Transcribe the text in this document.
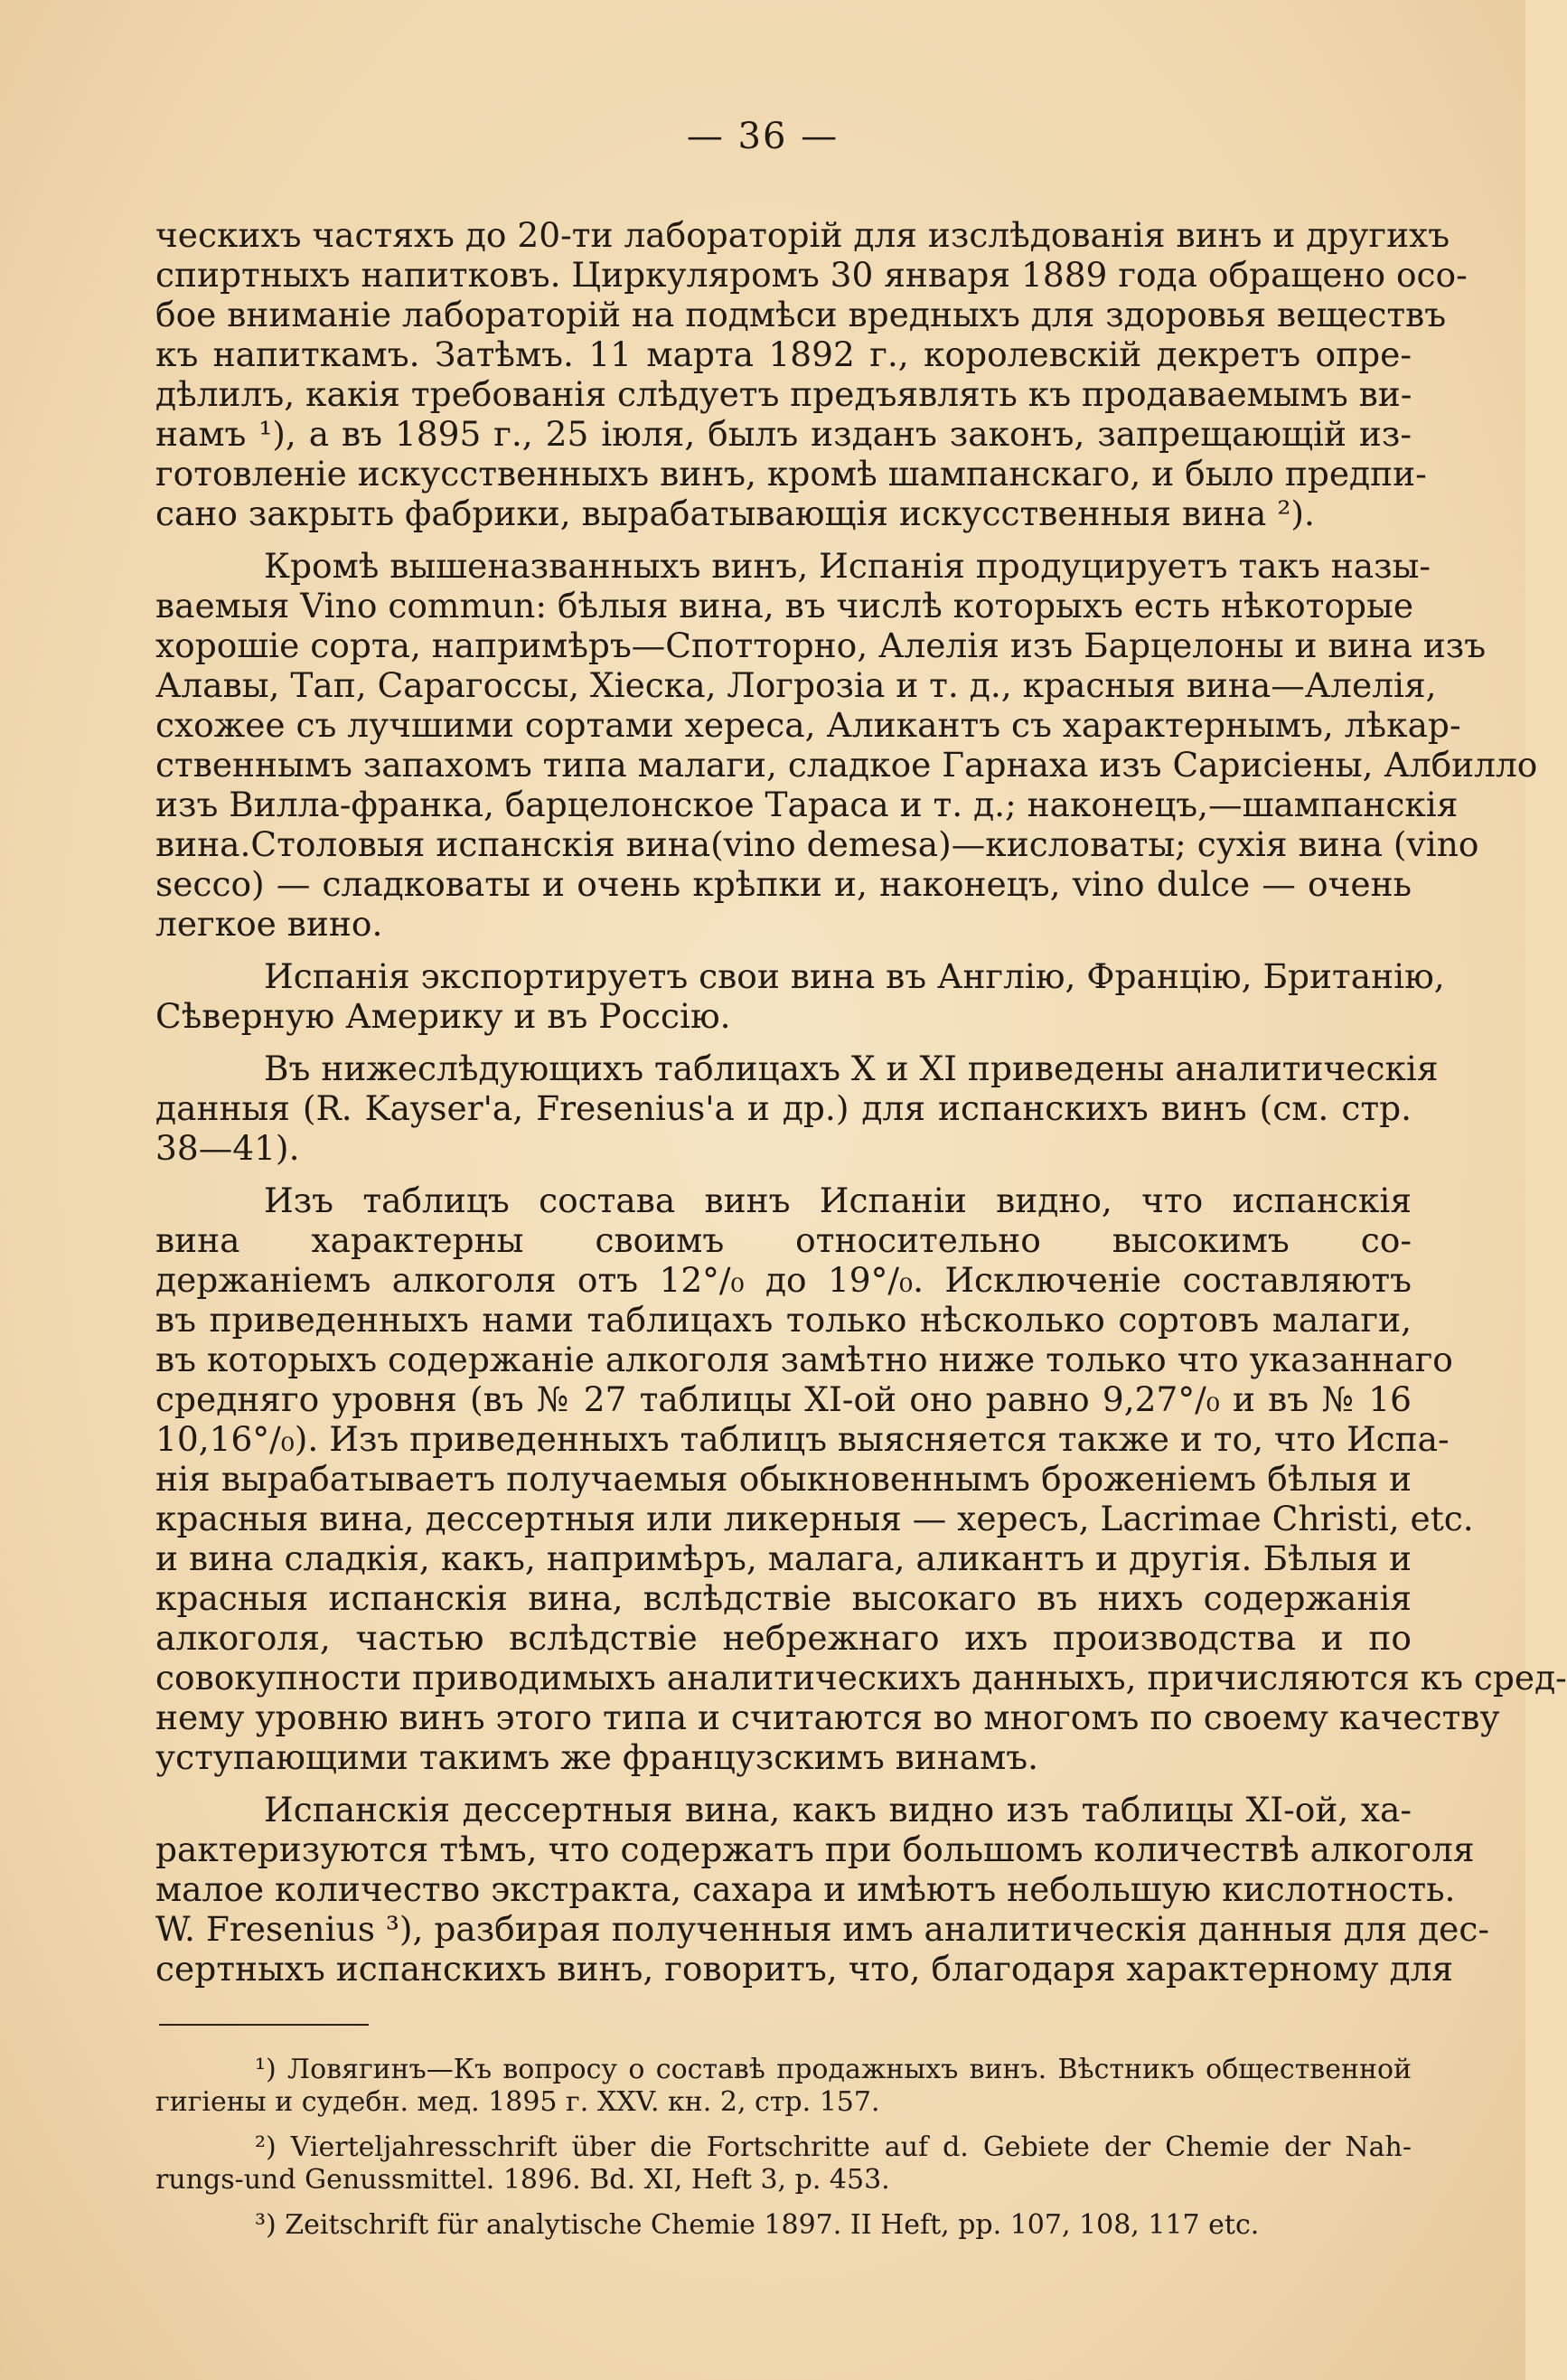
— 36 —
ческихъ частяхъ до 20-ти лабораторій для изслѣдованія винъ и другихъ
спиртныхъ напитковъ. Циркуляромъ 30 января 1889 года обращено осо-
бое вниманіе лабораторій на подмѣси вредныхъ для здоровья веществъ
къ напиткамъ. Затѣмъ. 11 марта 1892 г., королевскій декретъ опре-
дѣлилъ, какія требованія слѣдуетъ предъявлять къ продаваемымъ ви-
намъ ¹), а въ 1895 г., 25 іюля, былъ изданъ законъ, запрещающій из-
готовленіе искусственныхъ винъ, кромѣ шампанскаго, и было предпи-
сано закрыть фабрики, вырабатывающія искусственныя вина ²).
Кромѣ вышеназванныхъ винъ, Испанія продуцируетъ такъ назы-
ваемыя Vino commun: бѣлыя вина, въ числѣ которыхъ есть нѣкоторые
хорошіе сорта, напримѣръ—Спотторно, Алелія изъ Барцелоны и вина изъ
Алавы, Тап, Сарагоссы, Хіеска, Логрозіа и т. д., красныя вина—Алелія,
схожее съ лучшими сортами хереса, Аликантъ съ характернымъ, лѣкар-
ственнымъ запахомъ типа малаги, сладкое Гарнаха изъ Сарисіены, Албилло
изъ Вилла-франка, барцелонское Тараса и т. д.; наконецъ,—шампанскія
вина.Столовыя испанскія вина(vino demesa)—кисловаты; сухія вина (vino
secco) — сладковаты и очень крѣпки и, наконецъ, vino dulce — очень
легкое вино.
Испанія экспортируетъ свои вина въ Англію, Францію, Британію,
Сѣверную Америку и въ Россію.
Въ нижеслѣдующихъ таблицахъ X и XI приведены аналитическія
данныя (R. Kayser'а, Fresenius'а и др.) для испанскихъ винъ (см. стр.
38—41).
Изъ таблицъ состава винъ Испаніи видно, что испанскія
вина характерны своимъ относительно высокимъ со-
держаніемъ алкоголя отъ 12°/₀ до 19°/₀. Исключеніе составляютъ
въ приведенныхъ нами таблицахъ только нѣсколько сортовъ малаги,
въ которыхъ содержаніе алкоголя замѣтно ниже только что указаннаго
средняго уровня (въ № 27 таблицы XI-ой оно равно 9,27°/₀ и въ № 16
10,16°/₀). Изъ приведенныхъ таблицъ выясняется также и то, что Испа-
нія вырабатываетъ получаемыя обыкновеннымъ броженіемъ бѣлыя и
красныя вина, дессертныя или ликерныя — хересъ, Lacrimae Christi, etc.
и вина сладкія, какъ, напримѣръ, малага, аликантъ и другія. Бѣлыя и
красныя испанскія вина, вслѣдствіе высокаго въ нихъ содержанія
алкоголя, частью вслѣдствіе небрежнаго ихъ производства и по
совокупности приводимыхъ аналитическихъ данныхъ, причисляются къ сред-
нему уровню винъ этого типа и считаются во многомъ по своему качеству
уступающими такимъ же французскимъ винамъ.
Испанскія дессертныя вина, какъ видно изъ таблицы XI-ой, ха-
рактеризуются тѣмъ, что содержатъ при большомъ количествѣ алкоголя
малое количество экстракта, сахара и имѣютъ небольшую кислотность.
W. Fresenius ³), разбирая полученныя имъ аналитическія данныя для дес-
сертныхъ испанскихъ винъ, говоритъ, что, благодаря характерному для
¹) Ловягинъ—Къ вопросу о составѣ продажныхъ винъ. Вѣстникъ общественной
гигіены и судебн. мед. 1895 г. XXV. кн. 2, стр. 157.
²) Vierteljahresschrift über die Fortschritte auf d. Gebiete der Chemie der Nah-
rungs-und Genussmittel. 1896. Bd. XI, Heft 3, p. 453.
³) Zeitschrift für analytische Chemie 1897. II Heft, pp. 107, 108, 117 etc.
